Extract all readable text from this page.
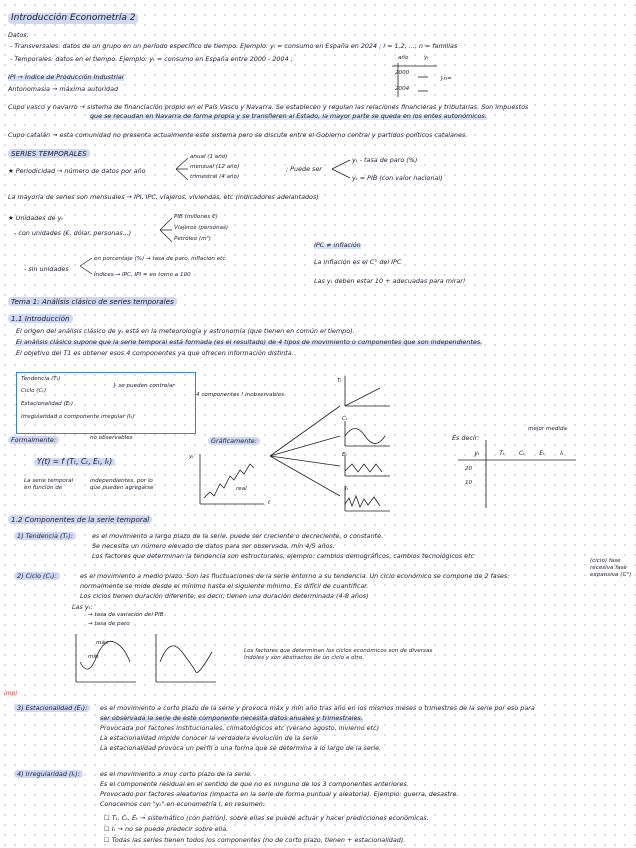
Introducción Econometría 2
Datos:
- Transversales: datos de un grupo en un período específico de tiempo. Ejemplo: yᵢ = consumo en España en 2024 ; i = 1,2, ..., n = familias
- Temporales: datos en el tiempo. Ejemplo: yₜ = consumo en España entre 2000 - 2004 ;	año	yₜ
2000
2004
}n=
IPI → Índice de Producción Industrial
Antonomasia → máxima autoridad
Cupo vasco y navarro → sistema de financiación propio en el País Vasco y Navarra. Se establecen y regulan las relaciones financieras y tributarias. Son impuestos
que se recaudan en Navarra de forma propia y se transfieren al Estado, la mayor parte se queda en los entes autonómicos.
Cupo catalán → esta comunidad no presenta actualmente este sistema pero se discute entre el Gobierno central y partidos políticos catalanes.
SERIES TEMPORALES
★ Periodicidad → número de datos por año
anual (1 año)
mensual (12 año)
trimestral (4 año)
; Puede ser
yₜ - tasa de paro (%)
yₜ = PIB (con valor nacional)
La mayoría de series son mensuales → IPI, IPC, viajeros, viviendas, etc (indicadores adelantados)
★ Unidades de yₜ
- con unidades (€, dólar, personas...)
PIB (millones €)
Viajeros (personas)
Petróleo (m³)
IPC ≠ inflación
La inflación es el C° del IPC
Las yₜ deben estar 10 + adecuadas para mirar!
- sin unidades
en porcentaje (%) → tasa de paro, inflación etc
Índices → IPC, IPI = en torno a 100
Tema 1: Análisis clásico de series temporales
1.1 Introducción
El origen del análisis clásico de yₜ está en la meteorología y astronomía (que tienen en común el tiempo).
El análisis clásico supone que la serie temporal está formada (es el resultado) de 4 tipos de movimiento o componentes que son independientes.
El objetivo del T1 es obtener esos 4 componentes ya que ofrecen información distinta.
Tendencia (Tₜ)
Ciclo (Cₜ)
Estacionalidad (Eₜ)
Irregularidad o componente irregular (Iₜ)
} se pueden controlar
4 componentes ! inobservables
Tₜ
Cₜ
Eₜ
Iₜ
Formalmente:	no observables
Y(t) = f (Tₜ, Cₜ, Eₜ, Iₜ)
La serie temporal en función de
independientes, por lo que pueden agregarse
Gráficamente:
yₜ
t
real
Es decir:
mejor medida
yₜ	Tₜ	Cₜ	Eₜ	Iₜ
20
10
1.2 Componentes de la serie temporal
1) Tendencia (Tₜ):	es el movimiento a largo plazo de la serie, puede ser creciente o decreciente, o constante.
Se necesita un número elevado de datos para ser observada, mín 4/5 años.
Los factores que determinan la tendencia son estructurales, ejemplo: cambios demográficos, cambios tecnológicos etc
2) Ciclo (Cₜ):	es el movimiento a medio plazo. Son las fluctuaciones de la serie entorno a su tendencia. Un ciclo económico se compone de 2 fases:
normalmente se mide desde el mínimo hasta el siguiente mínimo. Es difícil de cuantificar.
Los ciclos tienen duración diferente, es decir, tienen una duración determinada (4-8 años)
Las yₜ:
→ tasa de variación del PIB
→ tasa de paro
(ciclo) fase recesiva fase expansiva (C°)
máx
mín
Los factores que determinan los ciclos económicos son de diversas índoles y son abstractos de un ciclo a otro.
imp!
3) Estacionalidad (Eₜ):	es el movimiento a corto plazo de la serie y provoca máx y mín año tras año en los mismos meses o trimestres de la serie por eso para
ser observada la serie de este componente necesita datos anuales y trimestrales.
Provocada por factores institucionales, climatológicos etc (verano agosto, invierno etc)
La estacionalidad impide conocer la verdadera evolución de la serie
La estacionalidad provoca un perfil o una forma que se determina a lo largo de la serie.
4) Irregularidad (Iₜ):	es el movimiento a muy corto plazo de la serie.
Es el componente residual en el sentido de que no es ninguno de los 3 componentes anteriores.
Provocado por factores aleatorios (impacta en la serie de forma puntual y aleatoria). Ejemplo: guerra, desastre.
Conocemos con "yₜ" en econometría I, en resumen:
☐ Tₜ, Cₜ, Eₜ → sistemático (con patrón), sobre ellas se puede actuar y hacer predicciones económicas.
☐ Iₜ → no se puede predecir sobre ella.
☐ Todas las series tienen todos los componentes (no de corto plazo, tienen + estacionalidad).
